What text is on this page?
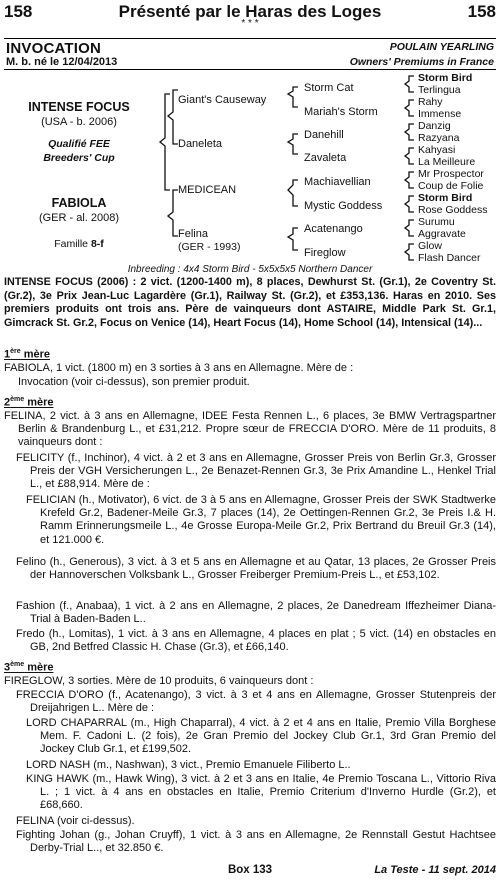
158	Présenté par le Haras des Loges
* * *
158
INVOCATION
M. b. né le 12/04/2013
POULAIN YEARLING
Owners' Premiums in France
INTENSE FOCUS
(USA - b. 2006)
Qualifié FEE
Breeders' Cup
FABIOLA
(GER - al. 2008)
Famille 8-f
Giant's Causeway
Daneleta
MEDICEAN
Felina
(GER - 1993)
Storm Cat
Mariah's Storm
Danehill
Zavaleta
Machiavellian
Mystic Goddess
Acatenango
Fireglow
Storm Bird
Terlingua
Rahy
Immense
Danzig
Razyana
Kahyasi
La Meilleure
Mr Prospector
Coup de Folie
Storm Bird
Rose Goddess
Surumu
Aggravate
Glow
Flash Dancer
Inbreeding : 4x4 Storm Bird - 5x5x5x5 Northern Dancer
INTENSE FOCUS (2006) : 2 vict. (1200-1400 m), 8 places, Dewhurst St. (Gr.1), 2e Coventry St. (Gr.2), 3e Prix Jean-Luc Lagardère (Gr.1), Railway St. (Gr.2), et £353,136. Haras en 2010. Ses premiers produits ont trois ans. Père de vainqueurs dont ASTAIRE, Middle Park St. Gr.1, Gimcrack St. Gr.2, Focus on Venice (14), Heart Focus (14), Home School (14), Intensical (14)...
1ère mère
FABIOLA, 1 vict. (1800 m) en 3 sorties à 3 ans en Allemagne. Mère de :
Invocation (voir ci-dessus), son premier produit.
2ème mère
FELINA, 2 vict. à 3 ans en Allemagne, IDEE Festa Rennen L., 6 places, 3e BMW Vertragspartner Berlin & Brandenburg L., et £31,212. Propre sœur de FRECCIA D'ORO. Mère de 11 produits, 8 vainqueurs dont :
FELICITY (f., Inchinor), 4 vict. à 2 et 3 ans en Allemagne, Grosser Preis von Berlin Gr.3, Grosser Preis der VGH Versicherungen L., 2e Benazet-Rennen Gr.3, 3e Prix Amandine L., Henkel Trial L., et £88,914. Mère de :
FELICIAN (h., Motivator), 6 vict. de 3 à 5 ans en Allemagne, Grosser Preis der SWK Stadtwerke Krefeld Gr.2, Badener-Meile Gr.3, 7 places (14), 2e Oettingen-Rennen Gr.2, 3e Preis I.& H. Ramm Erinnerungsmeile L., 4e Grosse Europa-Meile Gr.2, Prix Bertrand du Breuil Gr.3 (14), et 121.000 €.
Felino (h., Generous), 3 vict. à 3 et 5 ans en Allemagne et au Qatar, 13 places, 2e Grosser Preis der Hannoverschen Volksbank L., Grosser Freiberger Premium-Preis L., et £53,102.
Fashion (f., Anabaa), 1 vict. à 2 ans en Allemagne, 2 places, 2e Danedream Iffezheimer Diana-Trial à Baden-Baden L..
Fredo (h., Lomitas), 1 vict. à 3 ans en Allemagne, 4 places en plat ; 5 vict. (14) en obstacles en GB, 2nd Betfred Classic H. Chase (Gr.3), et £66,140.
3ème mère
FIREGLOW, 3 sorties. Mère de 10 produits, 6 vainqueurs dont :
FRECCIA D'ORO (f., Acatenango), 3 vict. à 3 et 4 ans en Allemagne, Grosser Stutenpreis der Dreijahrigen L.. Mère de :
LORD CHAPARRAL (m., High Chaparral), 4 vict. à 2 et 4 ans en Italie, Premio Villa Borghese Mem. F. Cadoni L. (2 fois), 2e Gran Premio del Jockey Club Gr.1, 3rd Gran Premio del Jockey Club Gr.1, et £199,502.
LORD NASH (m., Nashwan), 3 vict., Premio Emanuele Filiberto L..
KING HAWK (m., Hawk Wing), 3 vict. à 2 et 3 ans en Italie, 4e Premio Toscana L., Vittorio Riva L. ; 1 vict. à 4 ans en obstacles en Italie, Premio Criterium d'Inverno Hurdle (Gr.2), et £68,660.
FELINA (voir ci-dessus).
Fighting Johan (g., Johan Cruyff), 1 vict. à 3 ans en Allemagne, 2e Rennstall Gestut Hachtsee Derby-Trial L.., et 32.850 €.
Box 133	La Teste - 11 sept. 2014
